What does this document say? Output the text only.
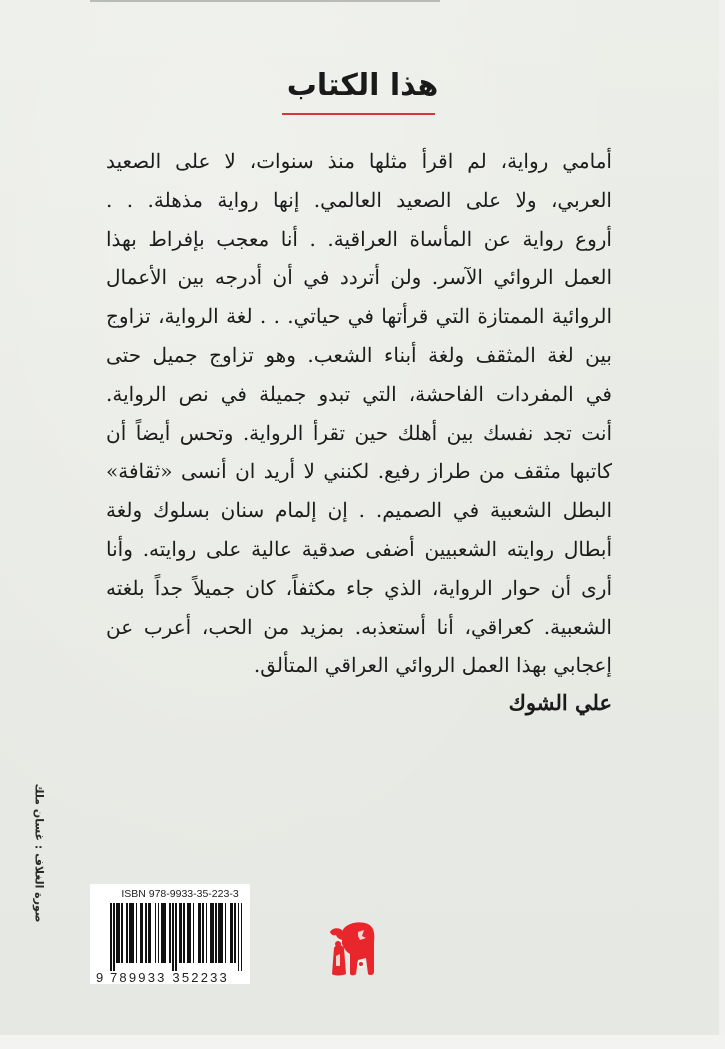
هذا الكتاب
أمامي رواية، لم اقرأ مثلها منذ سنوات، لا على الصعيد
العربي، ولا على الصعيد العالمي. إنها رواية مذهلة. . .
أروع رواية عن المأساة العراقية. . أنا معجب بإفراط بهذا
العمل الروائي الآسر. ولن أتردد في أن أدرجه بين الأعمال
الروائية الممتازة التي قرأتها في حياتي. . . لغة الرواية، تزاوج
بين لغة المثقف ولغة أبناء الشعب. وهو تزاوج جميل حتى
في المفردات الفاحشة، التي تبدو جميلة في نص الرواية.
أنت تجد نفسك بين أهلك حين تقرأ الرواية. وتحس أيضاً أن
كاتبها مثقف من طراز رفيع. لكنني لا أريد ان أنسى «ثقافة»
البطل الشعبية في الصميم. . إن إلمام سنان بسلوك ولغة
أبطال روايته الشعبيين أضفى صدقية عالية على روايته. وأنا
أرى أن حوار الرواية، الذي جاء مكثفاً، كان جميلاً جداً بلغته
الشعبية. كعراقي، أنا أستعذبه. بمزيد من الحب، أعرب عن
إعجابي بهذا العمل الروائي العراقي المتألق.
علي الشوك
صورة الغلاف : غسان ملك	ISBN 978-9933-35-223-3
9 789933 352233
